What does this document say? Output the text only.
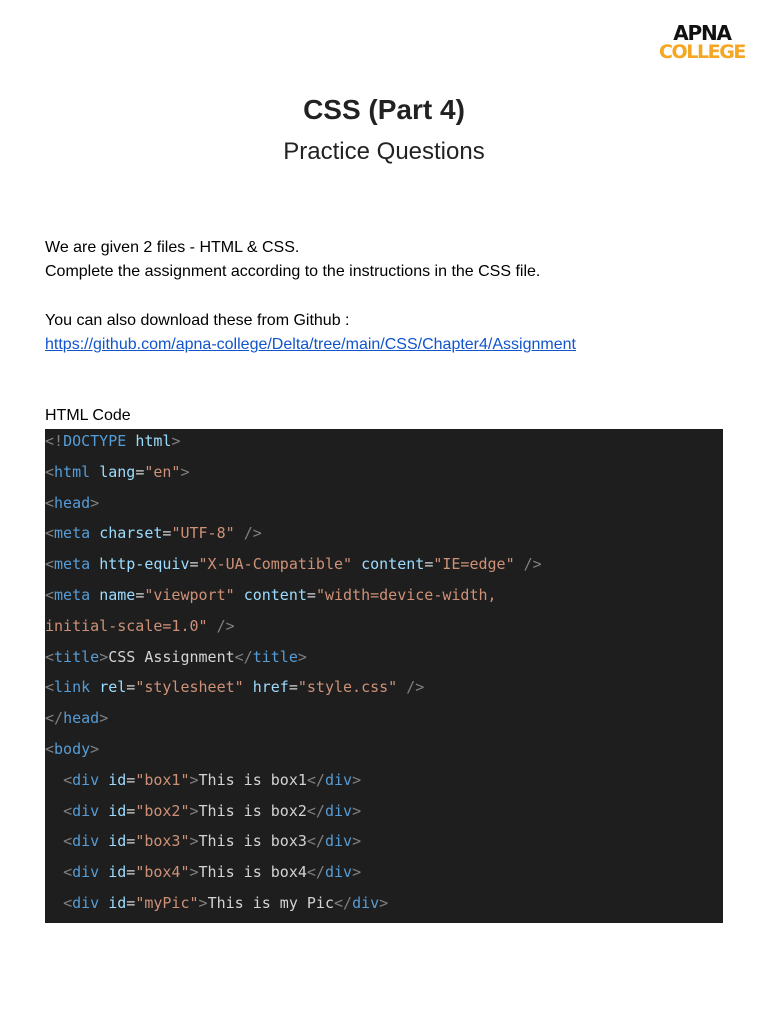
APNA
COLLEGE
CSS (Part 4)
Practice Questions
We are given 2 files - HTML & CSS.
Complete the assignment according to the instructions in the CSS file.
You can also download these from Github :
https://github.com/apna-college/Delta/tree/main/CSS/Chapter4/Assignment
HTML Code
<!DOCTYPE html>
<html lang="en">
<head>
<meta charset="UTF-8" />
<meta http-equiv="X-UA-Compatible" content="IE=edge" />
<meta name="viewport" content="width=device-width,
initial-scale=1.0" />
<title>CSS Assignment</title>
<link rel="stylesheet" href="style.css" />
</head>
<body>
<div id="box1">This is box1</div>
<div id="box2">This is box2</div>
<div id="box3">This is box3</div>
<div id="box4">This is box4</div>
<div id="myPic">This is my Pic</div>
